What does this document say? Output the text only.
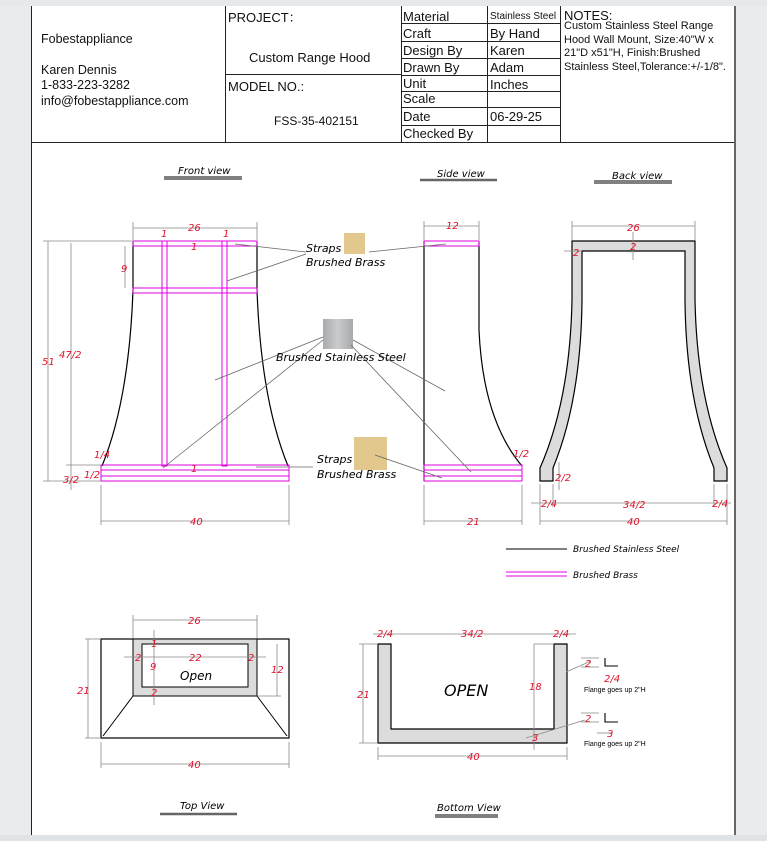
Fobestappliance
Karen Dennis
1-833-223-3282
info@fobestappliance.com
PROJECT：
Custom Range Hood
MODEL NO.:
FSS-35-402151
Material	Stainless Steel
Craft	By Hand
Design By Karen
Drawn By Adam
Unit	Inches
Scale
Date	06-29-25
Checked By
NOTES:
Custom Stainless Steel Range
Hood Wall Mount, Size:40"W x
21"D x51"H, Finish:Brushed
Stainless Steel,Tolerance:+/-1/8".
26
1	1
1
9
51
47/2
1/4
3/2 1/2
1
40
12
21
1/2
26
2
2
2/2
2/4	34/2	2/4
40
Straps
Brushed Brass
Brushed Stainless Steel
Straps
Brushed Brass
Brushed Stainless Steel
Brushed Brass
26
1
2	22	2
9
2
21
12
40
Open
2/4	34/2	2/4
21
18
3
40
2
2/4
2
3
Flange goes up 2"H
Flange goes up 2"H
OPEN
Front view	Side view	Back view
Top View	Bottom View
